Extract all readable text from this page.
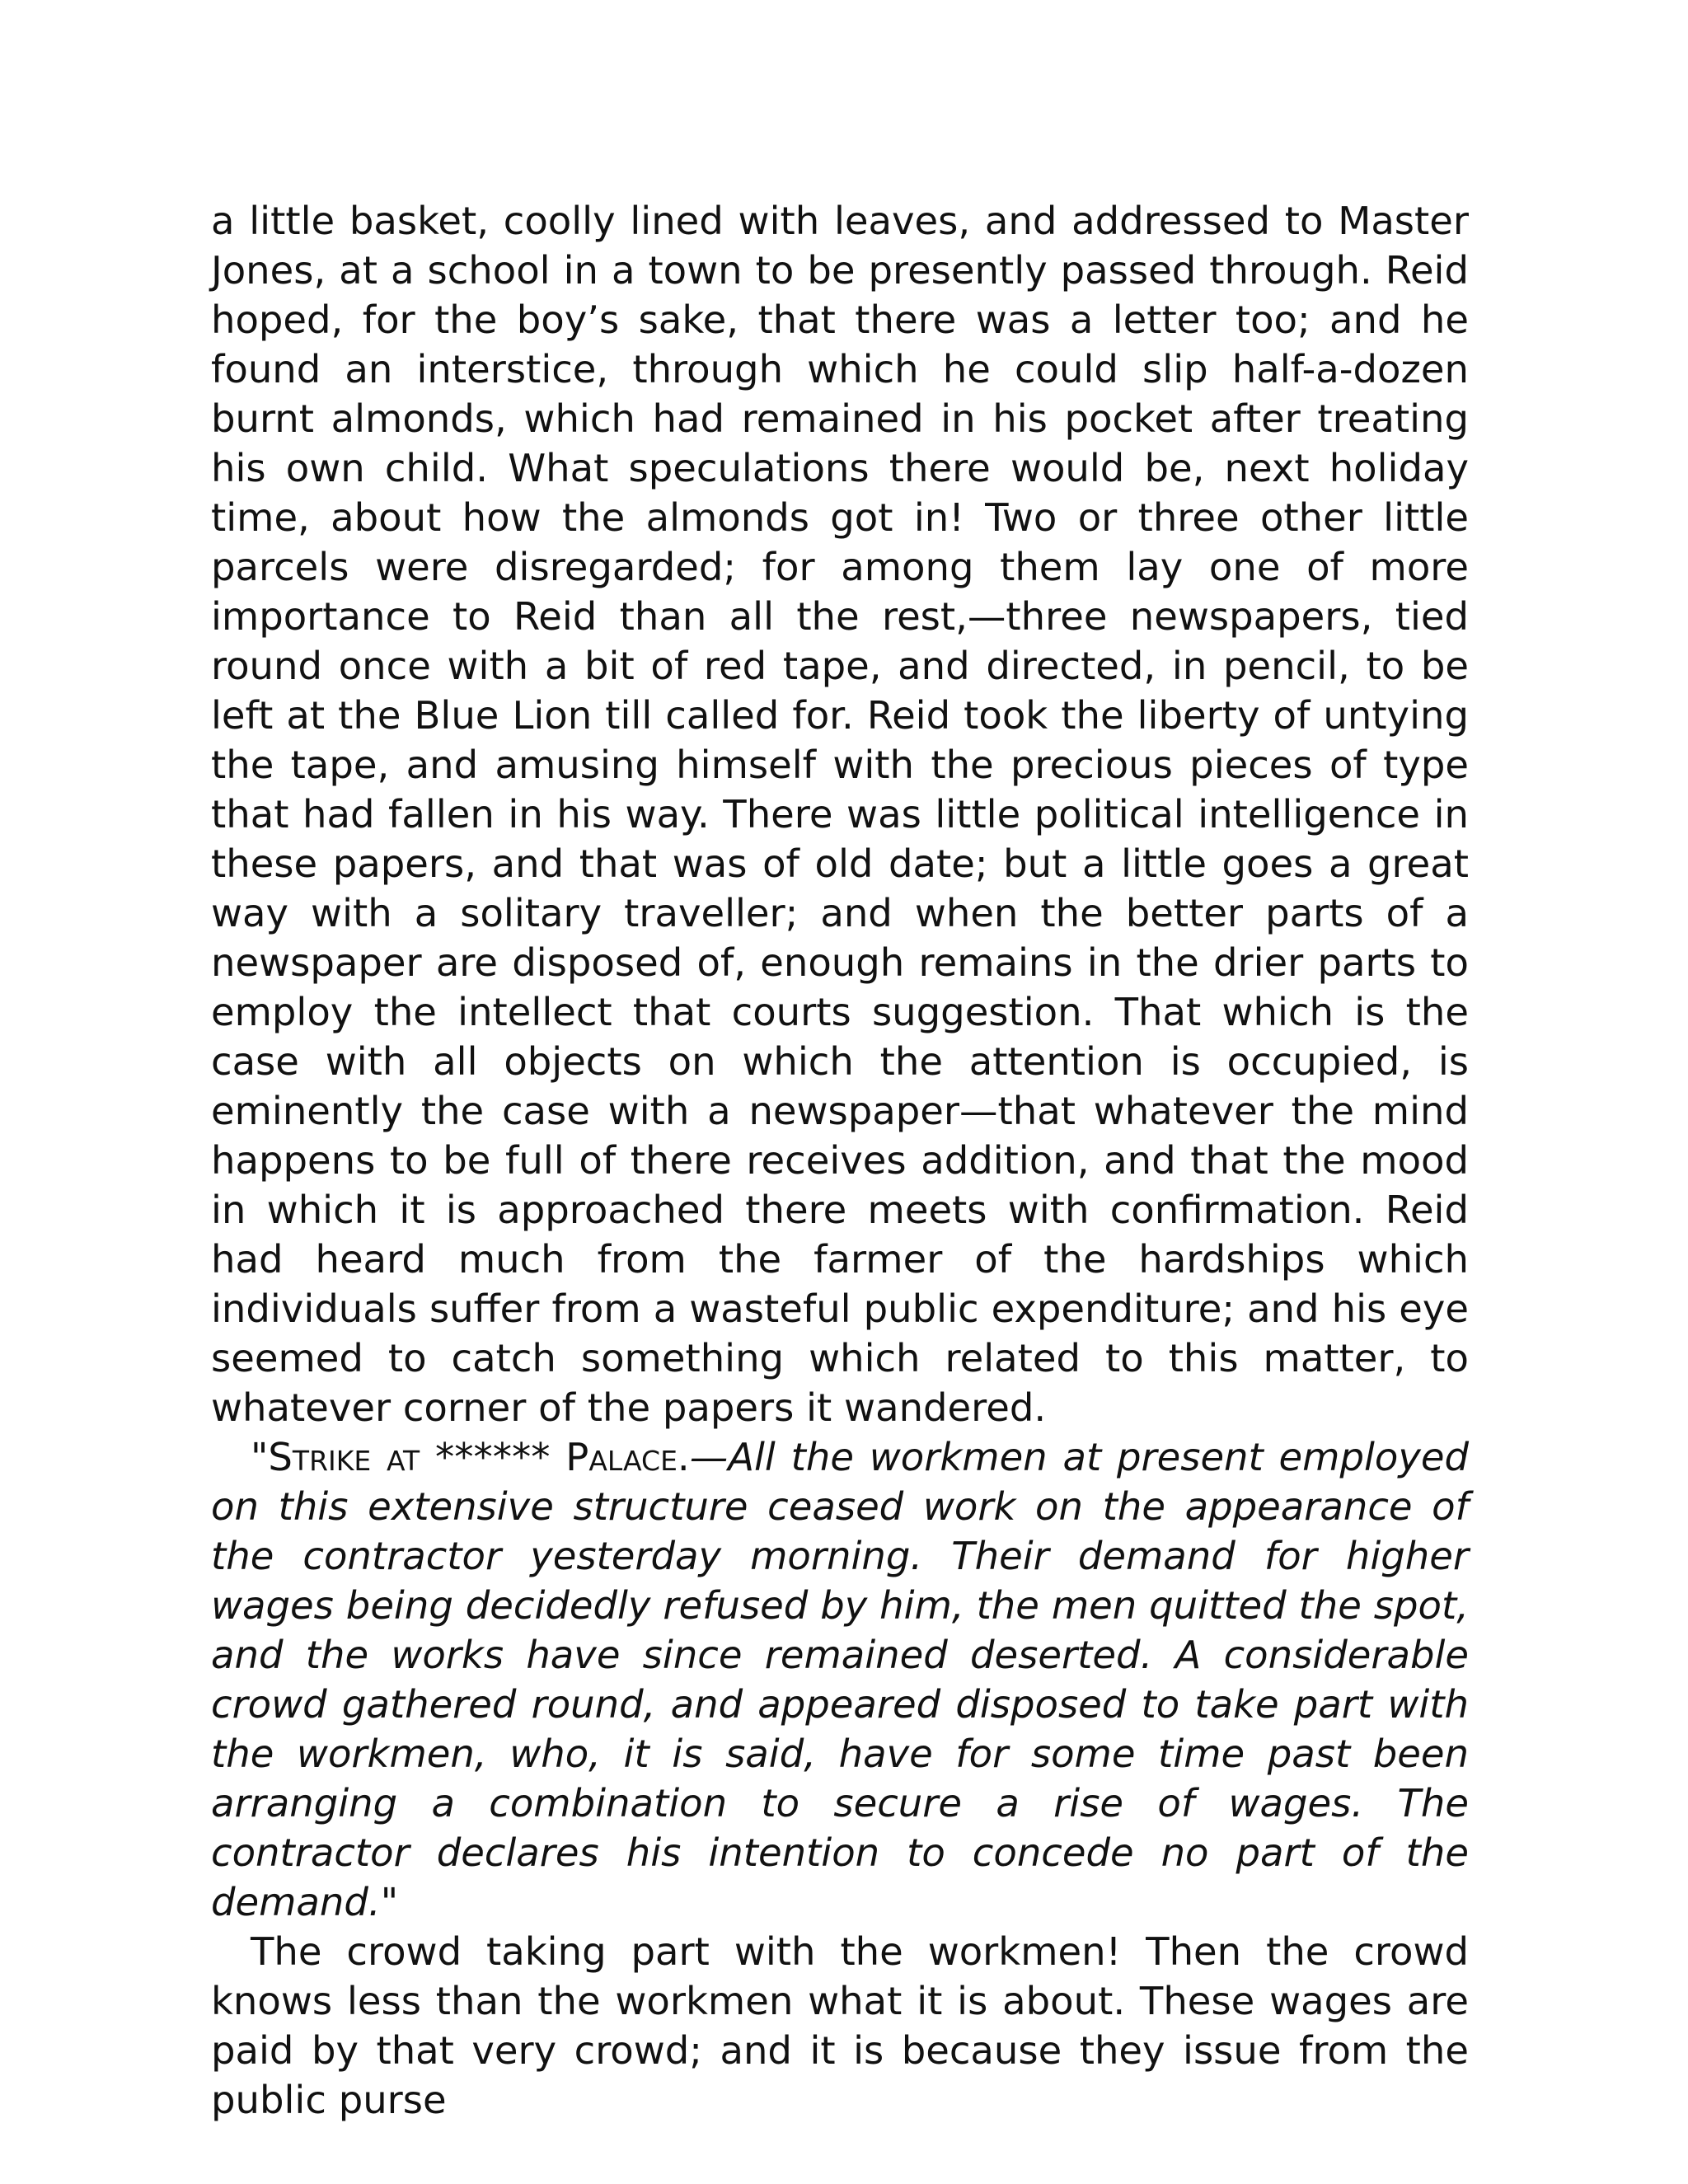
a little basket, coolly lined with leaves, and addressed to Master Jones, at a school in a town to be presently passed through. Reid hoped, for the boy’s sake, that there was a letter too; and he found an interstice, through which he could slip half-a-dozen burnt almonds, which had remained in his pocket after treating his own child. What speculations there would be, next holiday time, about how the almonds got in! Two or three other little parcels were disregarded; for among them lay one of more importance to Reid than all the rest,—three newspapers, tied round once with a bit of red tape, and directed, in pencil, to be left at the Blue Lion till called for. Reid took the liberty of untying the tape, and amusing himself with the precious pieces of type that had fallen in his way. There was little political intelligence in these papers, and that was of old date; but a little goes a great way with a solitary traveller; and when the better parts of a newspaper are disposed of, enough remains in the drier parts to employ the intellect that courts suggestion. That which is the case with all objects on which the attention is occupied, is eminently the case with a newspaper—that whatever the mind happens to be full of there receives addition, and that the mood in which it is approached there meets with confirmation. Reid had heard much from the farmer of the hardships which individuals suffer from a wasteful public expenditure; and his eye seemed to catch something which related to this matter, to whatever corner of the papers it wandered.

"Strike at ****** Palace.—All the workmen at present employed on this extensive structure ceased work on the appearance of the contractor yesterday morning. Their demand for higher wages being decidedly refused by him, the men quitted the spot, and the works have since remained deserted. A considerable crowd gathered round, and appeared disposed to take part with the workmen, who, it is said, have for some time past been arranging a combination to secure a rise of wages. The contractor declares his intention to concede no part of the demand."

The crowd taking part with the workmen! Then the crowd knows less than the workmen what it is about. These wages are paid by that very crowd; and it is because they issue from the public purse
